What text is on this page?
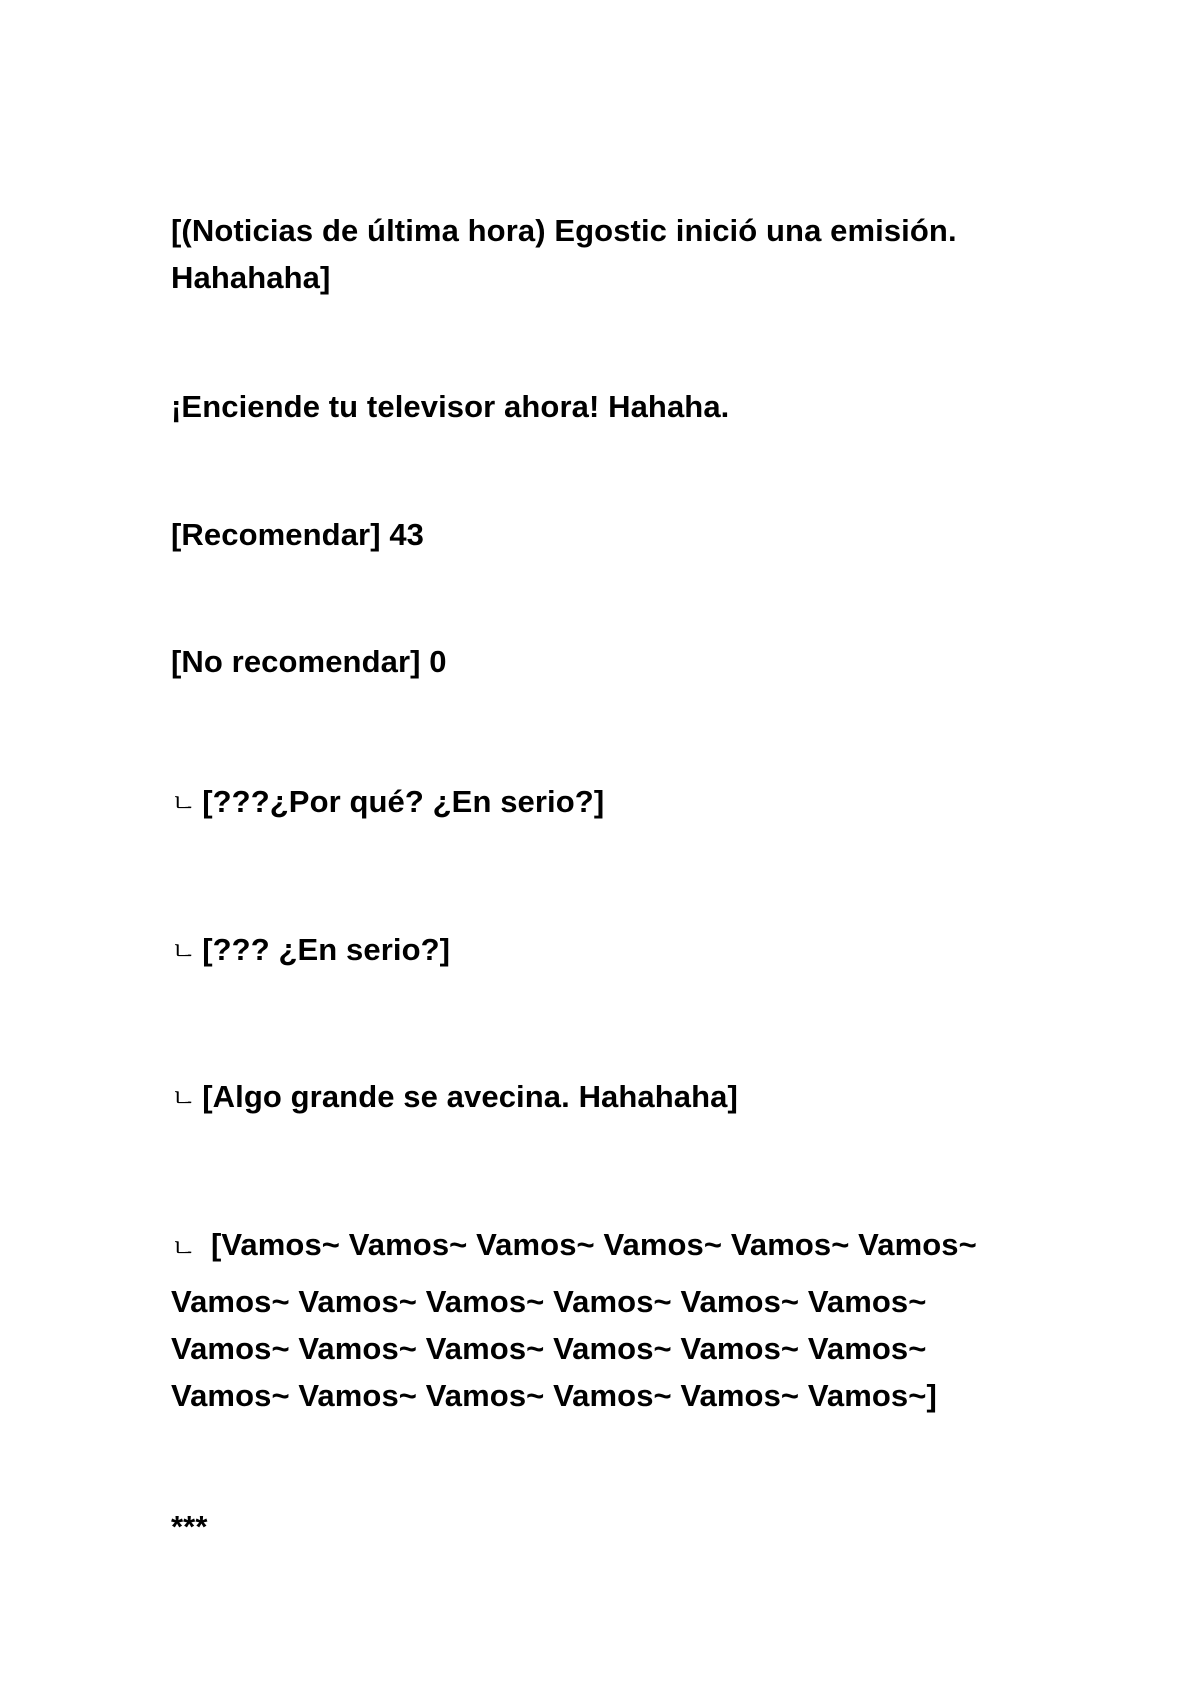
[(Noticias de última hora) Egostic inició una emisión.
Hahahaha]
¡Enciende tu televisor ahora! Hahaha.
[Recomendar] 43
[No recomendar] 0
ㄴ [???¿Por qué? ¿En serio?]
ㄴ [??? ¿En serio?]
ㄴ [Algo grande se avecina. Hahahaha]
ㄴ [Vamos~ Vamos~ Vamos~ Vamos~ Vamos~ Vamos~
Vamos~ Vamos~ Vamos~ Vamos~ Vamos~ Vamos~
Vamos~ Vamos~ Vamos~ Vamos~ Vamos~ Vamos~
Vamos~ Vamos~ Vamos~ Vamos~ Vamos~ Vamos~]
***
